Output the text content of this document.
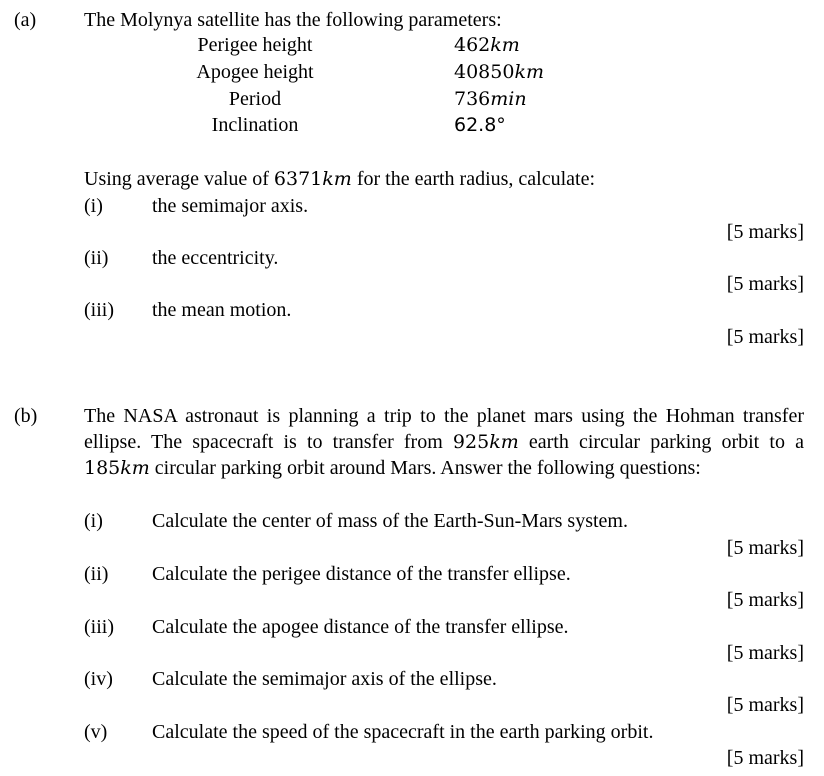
(a) The Molynya satellite has the following parameters:
Perigee height	462km
Apogee height	40850km
Period	736min
Inclination	62.8°
Using average value of 6371km for the earth radius, calculate:
(i) the semimajor axis.
[5 marks]
(ii) the eccentricity.
[5 marks]
(iii) the mean motion.
[5 marks]
(b) The NASA astronaut is planning a trip to the planet mars using the Hohman transfer ellipse. The spacecraft is to transfer from 925km earth circular parking orbit to a 185km circular parking orbit around Mars. Answer the following questions:
(i) Calculate the center of mass of the Earth-Sun-Mars system.
[5 marks]
(ii) Calculate the perigee distance of the transfer ellipse.
[5 marks]
(iii) Calculate the apogee distance of the transfer ellipse.
[5 marks]
(iv) Calculate the semimajor axis of the ellipse.
[5 marks]
(v) Calculate the speed of the spacecraft in the earth parking orbit.
[5 marks]
